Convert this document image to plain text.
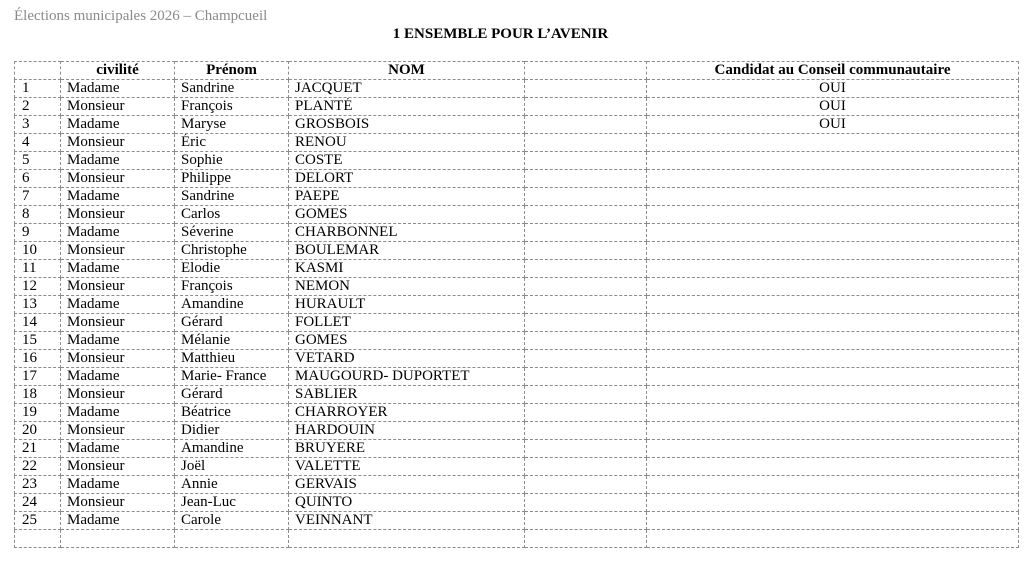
Élections municipales 2026 – Champcueil
1 ENSEMBLE POUR L’AVENIR
	civilité	Prénom	NOM		Candidat au Conseil communautaire
1	Madame	Sandrine	JACQUET		OUI
2	Monsieur	François	PLANTÉ		OUI
3	Madame	Maryse	GROSBOIS		OUI
4	Monsieur	Éric	RENOU		
5	Madame	Sophie	COSTE		
6	Monsieur	Philippe	DELORT		
7	Madame	Sandrine	PAEPE		
8	Monsieur	Carlos	GOMES		
9	Madame	Séverine	CHARBONNEL		
10	Monsieur	Christophe	BOULEMAR		
11	Madame	Elodie	KASMI		
12	Monsieur	François	NEMON		
13	Madame	Amandine	HURAULT		
14	Monsieur	Gérard	FOLLET		
15	Madame	Mélanie	GOMES		
16	Monsieur	Matthieu	VETARD		
17	Madame	Marie- France	MAUGOURD- DUPORTET		
18	Monsieur	Gérard	SABLIER		
19	Madame	Béatrice	CHARROYER		
20	Monsieur	Didier	HARDOUIN		
21	Madame	Amandine	BRUYERE		
22	Monsieur	Joël	VALETTE		
23	Madame	Annie	GERVAIS		
24	Monsieur	Jean-Luc	QUINTO		
25	Madame	Carole	VEINNANT		
